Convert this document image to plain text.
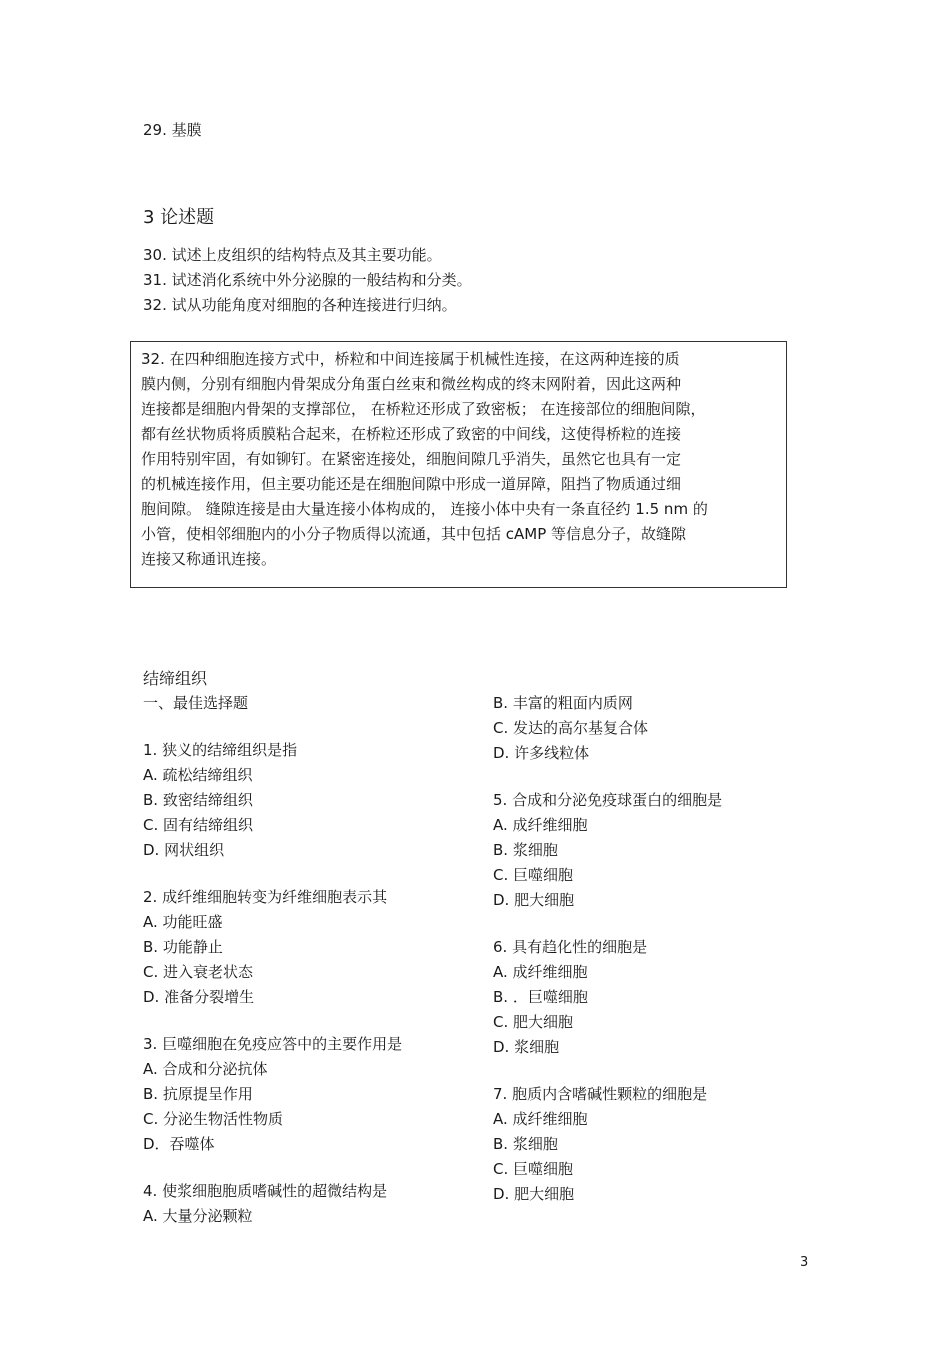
29. 基膜
3 论述题
30. 试述上皮组织的结构特点及其主要功能。
31. 试述消化系统中外分泌腺的一般结构和分类。
32. 试从功能角度对细胞的各种连接进行归纳。
32. 在四种细胞连接方式中，桥粒和中间连接属于机械性连接，在这两种连接的质
膜内侧，分别有细胞内骨架成分角蛋白丝束和微丝构成的终末网附着，因此这两种
连接都是细胞内骨架的支撑部位， 在桥粒还形成了致密板； 在连接部位的细胞间隙，
都有丝状物质将质膜粘合起来，在桥粒还形成了致密的中间线，这使得桥粒的连接
作用特别牢固，有如铆钉。在紧密连接处，细胞间隙几乎消失，虽然它也具有一定
的机械连接作用，但主要功能还是在细胞间隙中形成一道屏障，阻挡了物质通过细
胞间隙。 缝隙连接是由大量连接小体构成的， 连接小体中央有一条直径约 1.5 nm 的
小管，使相邻细胞内的小分子物质得以流通，其中包括 cAMP 等信息分子，故缝隙
连接又称通讯连接。
结缔组织
一、最佳选择题
1. 狭义的结缔组织是指
A. 疏松结缔组织
B. 致密结缔组织
C. 固有结缔组织
D. 网状组织
2. 成纤维细胞转变为纤维细胞表示其
A. 功能旺盛
B. 功能静止
C. 进入衰老状态
D. 准备分裂增生
3. 巨噬细胞在免疫应答中的主要作用是
A. 合成和分泌抗体
B. 抗原提呈作用
C. 分泌生物活性物质
D．吞噬体
4. 使浆细胞胞质嗜碱性的超微结构是
A. 大量分泌颗粒
B. 丰富的粗面内质网
C. 发达的高尔基复合体
D. 许多线粒体
5. 合成和分泌免疫球蛋白的细胞是
A. 成纤维细胞
B. 浆细胞
C. 巨噬细胞
D. 肥大细胞
6. 具有趋化性的细胞是
A. 成纤维细胞
B. ．巨噬细胞
C. 肥大细胞
D. 浆细胞
7. 胞质内含嗜碱性颗粒的细胞是
A. 成纤维细胞
B. 浆细胞
C. 巨噬细胞
D. 肥大细胞
3
